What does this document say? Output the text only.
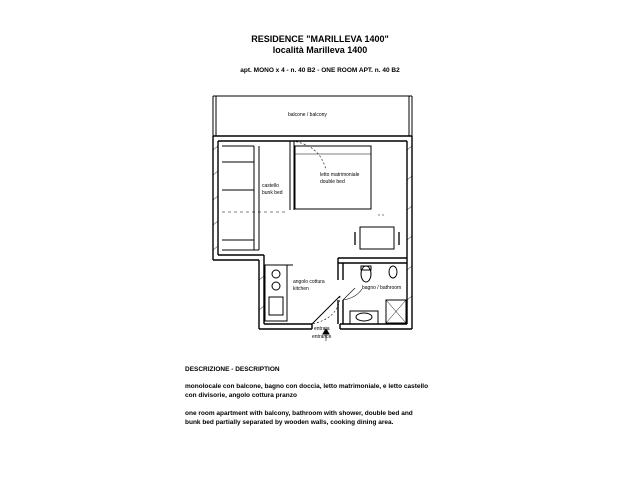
RESIDENCE "MARILLEVA 1400"
località Marilleva 1400
apt. MONO x 4 - n. 40 B2 - ONE ROOM APT. n. 40 B2
balcone / balcony
letto matrimoniale
double bed
castello
bunk bed
angolo cottura
kitchen	bagno / bathroom
entrata
entrance
DESCRIZIONE - DESCRIPTION
monolocale con balcone, bagno con doccia, letto matrimoniale, e letto castello
con divisorie, angolo cottura pranzo
one room apartment with balcony, bathroom with shower, double bed and
bunk bed partially separated by wooden walls, cooking dining area.
